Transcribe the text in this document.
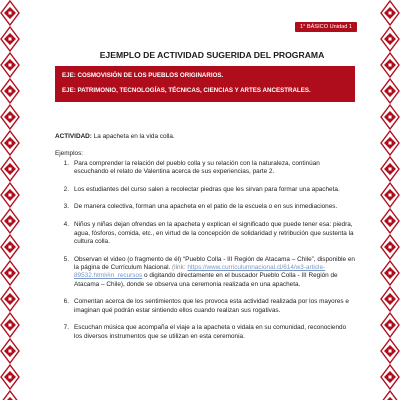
1° BÁSICO Unidad 1
EJEMPLO DE ACTIVIDAD SUGERIDA DEL PROGRAMA
EJE: COSMOVISIÓN DE LOS PUEBLOS ORIGINARIOS.
EJE: PATRIMONIO, TECNOLOGÍAS, TÉCNICAS, CIENCIAS Y ARTES ANCESTRALES.

ACTIVIDAD: La apacheta en la vida colla.

Ejemplos:

1. Para comprender la relación del pueblo colla y su relación con la naturaleza, continúan escuchando el relato de Valentina acerca de sus experiencias, parte 2.
2. Los estudiantes del curso salen a recolectar piedras que les sirvan para formar una apacheta.
3. De manera colectiva, forman una apacheta en el patio de la escuela o en sus inmediaciones.
4. Niños y niñas dejan ofrendas en la apacheta y explican el significado que puede tener esa: piedra, agua, fósforos, comida, etc., en virtud de la concepción de solidaridad y retribución que sustenta la cultura colla.
5. Observan el video (o fragmento de él) “Pueblo Colla - III Región de Atacama – Chile”, disponible en la página de Currículum Nacional. (link: https://www.curriculumnacional.cl/614/w3-article-89532.html#in_recursos o digitando directamente en el buscador Pueblo Colla - III Región de Atacama – Chile), donde se observa una ceremonia realizada en una apacheta.
6. Comentan acerca de los sentimientos que les provoca esta actividad realizada por los mayores e imaginan qué podrán estar sintiendo ellos cuando realizan sus rogativas.
7. Escuchan música que acompaña el viaje a la apacheta o vidala en su comunidad, reconociendo los diversos instrumentos que se utilizan en esta ceremonia.
